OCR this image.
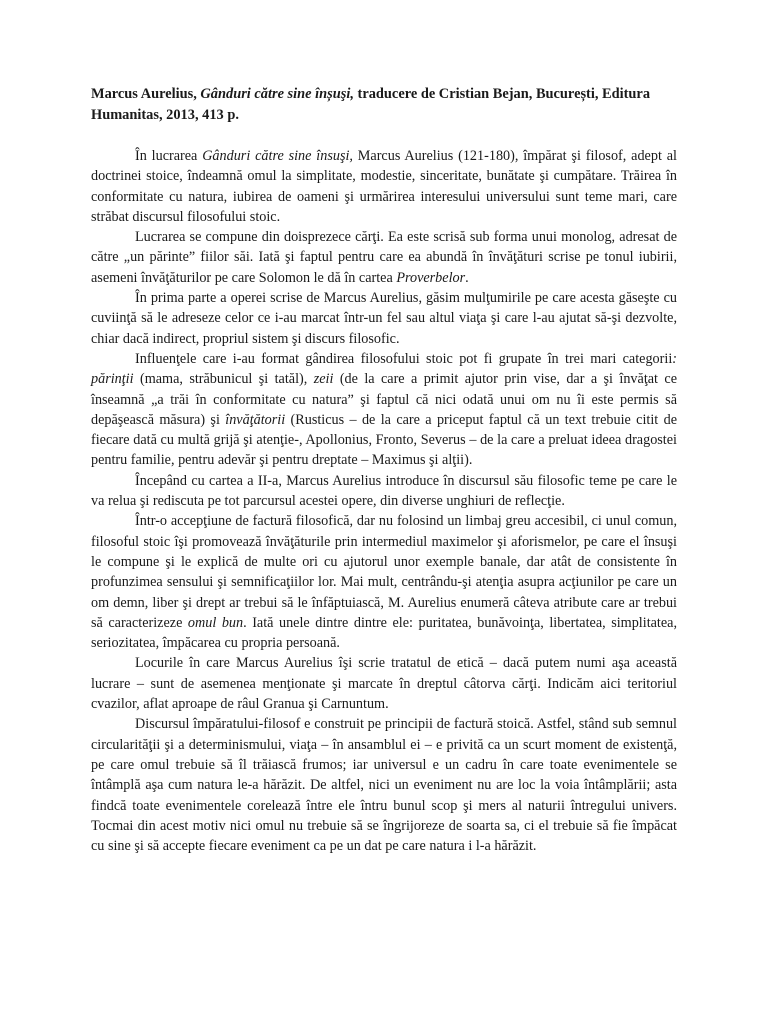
Marcus Aurelius, Gânduri către sine înșuşi, traducere de Cristian Bejan, București, Editura Humanitas, 2013, 413 p.

În lucrarea Gânduri către sine însuşi, Marcus Aurelius (121-180), împărat şi filosof, adept al doctrinei stoice, îndeamnă omul la simplitate, modestie, sinceritate, bunătate şi cumpătare. Trăirea în conformitate cu natura, iubirea de oameni şi urmărirea interesului universului sunt teme mari, care străbat discursul filosofului stoic.

Lucrarea se compune din doisprezece cărţi. Ea este scrisă sub forma unui monolog, adresat de către „un părinte” fiilor săi. Iată şi faptul pentru care ea abundă în învăţături scrise pe tonul iubirii, asemeni învăţăturilor pe care Solomon le dă în cartea Proverbelor.

În prima parte a operei scrise de Marcus Aurelius, găsim mulţumirile pe care acesta găseşte cu cuviinţă să le adreseze celor ce i-au marcat într-un fel sau altul viaţa şi care l-au ajutat să-şi dezvolte, chiar dacă indirect, propriul sistem şi discurs filosofic.

Influenţele care i-au format gândirea filosofului stoic pot fi grupate în trei mari categorii: părinţii (mama, străbunicul şi tatăl), zeii (de la care a primit ajutor prin vise, dar a şi învăţat ce înseamnă „a trăi în conformitate cu natura” şi faptul că nici odată unui om nu îi este permis să depăşească măsura) şi învăţătorii (Rusticus – de la care a priceput faptul că un text trebuie citit de fiecare dată cu multă grijă şi atenţie-, Apollonius, Fronto, Severus – de la care a preluat ideea dragostei pentru familie, pentru adevăr şi pentru dreptate – Maximus şi alţii).

Începând cu cartea a II-a, Marcus Aurelius introduce în discursul său filosofic teme pe care le va relua şi rediscuta pe tot parcursul acestei opere, din diverse unghiuri de reflecţie.

Într-o accepţiune de factură filosofică, dar nu folosind un limbaj greu accesibil, ci unul comun, filosoful stoic îşi promovează învăţăturile prin intermediul maximelor şi aforismelor, pe care el însuşi le compune şi le explică de multe ori cu ajutorul unor exemple banale, dar atât de consistente în profunzimea sensului şi semnificaţiilor lor. Mai mult, centrându-şi atenţia asupra acţiunilor pe care un om demn, liber şi drept ar trebui să le înfăptuiască, M. Aurelius enumeră câteva atribute care ar trebui să caracterizeze omul bun. Iată unele dintre dintre ele: puritatea, bunăvoinţa, libertatea, simplitatea, seriozitatea, împăcarea cu propria persoană.

Locurile în care Marcus Aurelius îşi scrie tratatul de etică – dacă putem numi aşa această lucrare – sunt de asemenea menţionate şi marcate în dreptul câtorva cărţi. Indicăm aici teritoriul cvazilor, aflat aproape de râul Granua şi Carnuntum.

Discursul împăratului-filosof e construit pe principii de factură stoică. Astfel, stând sub semnul circularităţii şi a determinismului, viaţa – în ansamblul ei – e privită ca un scurt moment de existenţă, pe care omul trebuie să îl trăiască frumos; iar universul e un cadru în care toate evenimentele se întâmplă aşa cum natura le-a hărăzit. De altfel, nici un eveniment nu are loc la voia întâmplării; asta findcă toate evenimentele corelează între ele întru bunul scop şi mers al naturii întregului univers. Tocmai din acest motiv nici omul nu trebuie să se îngrijoreze de soarta sa, ci el trebuie să fie împăcat cu sine şi să accepte fiecare eveniment ca pe un dat pe care natura i l-a hărăzit.
